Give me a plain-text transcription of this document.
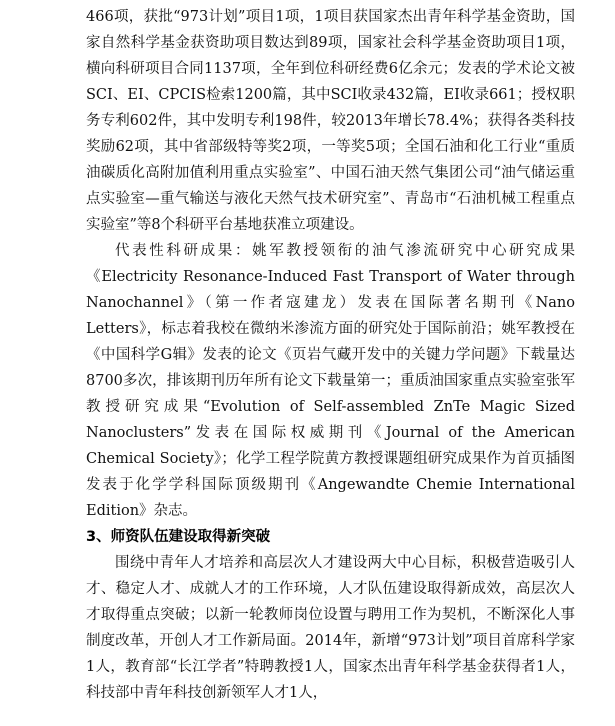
466项，获批“973计划”项目1项，1项目获国家杰出青年科学基金资助，国家自然科学基金获资助项目数达到89项，国家社会科学基金资助项目1项，横向科研项目合同1137项，全年到位科研经费6亿余元；发表的学术论文被SCI、EI、CPCIS检索1200篇，其中SCI收录432篇，EI收录661；授权职务专利602件，其中发明专利198件，较2013年增长78.4%；获得各类科技奖励62项，其中省部级特等奖2项，一等奖5项；全国石油和化工行业“重质油碳质化高附加值利用重点实验室”、中国石油天然气集团公司“油气储运重点实验室—重气输送与液化天然气技术研究室”、青岛市“石油机械工程重点实验室”等8个科研平台基地获准立项建设。

代表性科研成果：姚军教授领衔的油气渗流研究中心研究成果《Electricity Resonance-Induced Fast Transport of Water through Nanochannel》（第一作者寇建龙）发表在国际著名期刊《Nano Letters》，标志着我校在微纳米渗流方面的研究处于国际前沿；姚军教授在《中国科学G辑》发表的论文《页岩气藏开发中的关键力学问题》下载量达8700多次，排该期刊历年所有论文下载量第一；重质油国家重点实验室张军教授研究成果“Evolution of Self-assembled ZnTe Magic Sized Nanoclusters”发表在国际权威期刊《Journal of the American Chemical Society》；化学工程学院黄方教授课题组研究成果作为首页插图发表于化学学科国际顶级期刊《Angewandte Chemie International Edition》杂志。

3、师资队伍建设取得新突破

围绕中青年人才培养和高层次人才建设两大中心目标，积极营造吸引人才、稳定人才、成就人才的工作环境，人才队伍建设取得新成效，高层次人才取得重点突破；以新一轮教师岗位设置与聘用工作为契机，不断深化人事制度改革，开创人才工作新局面。2014年，新增“973计划”项目首席科学家1人，教育部“长江学者”特聘教授1人，国家杰出青年科学基金获得者1人，科技部中青年科技创新领军人才1人，
